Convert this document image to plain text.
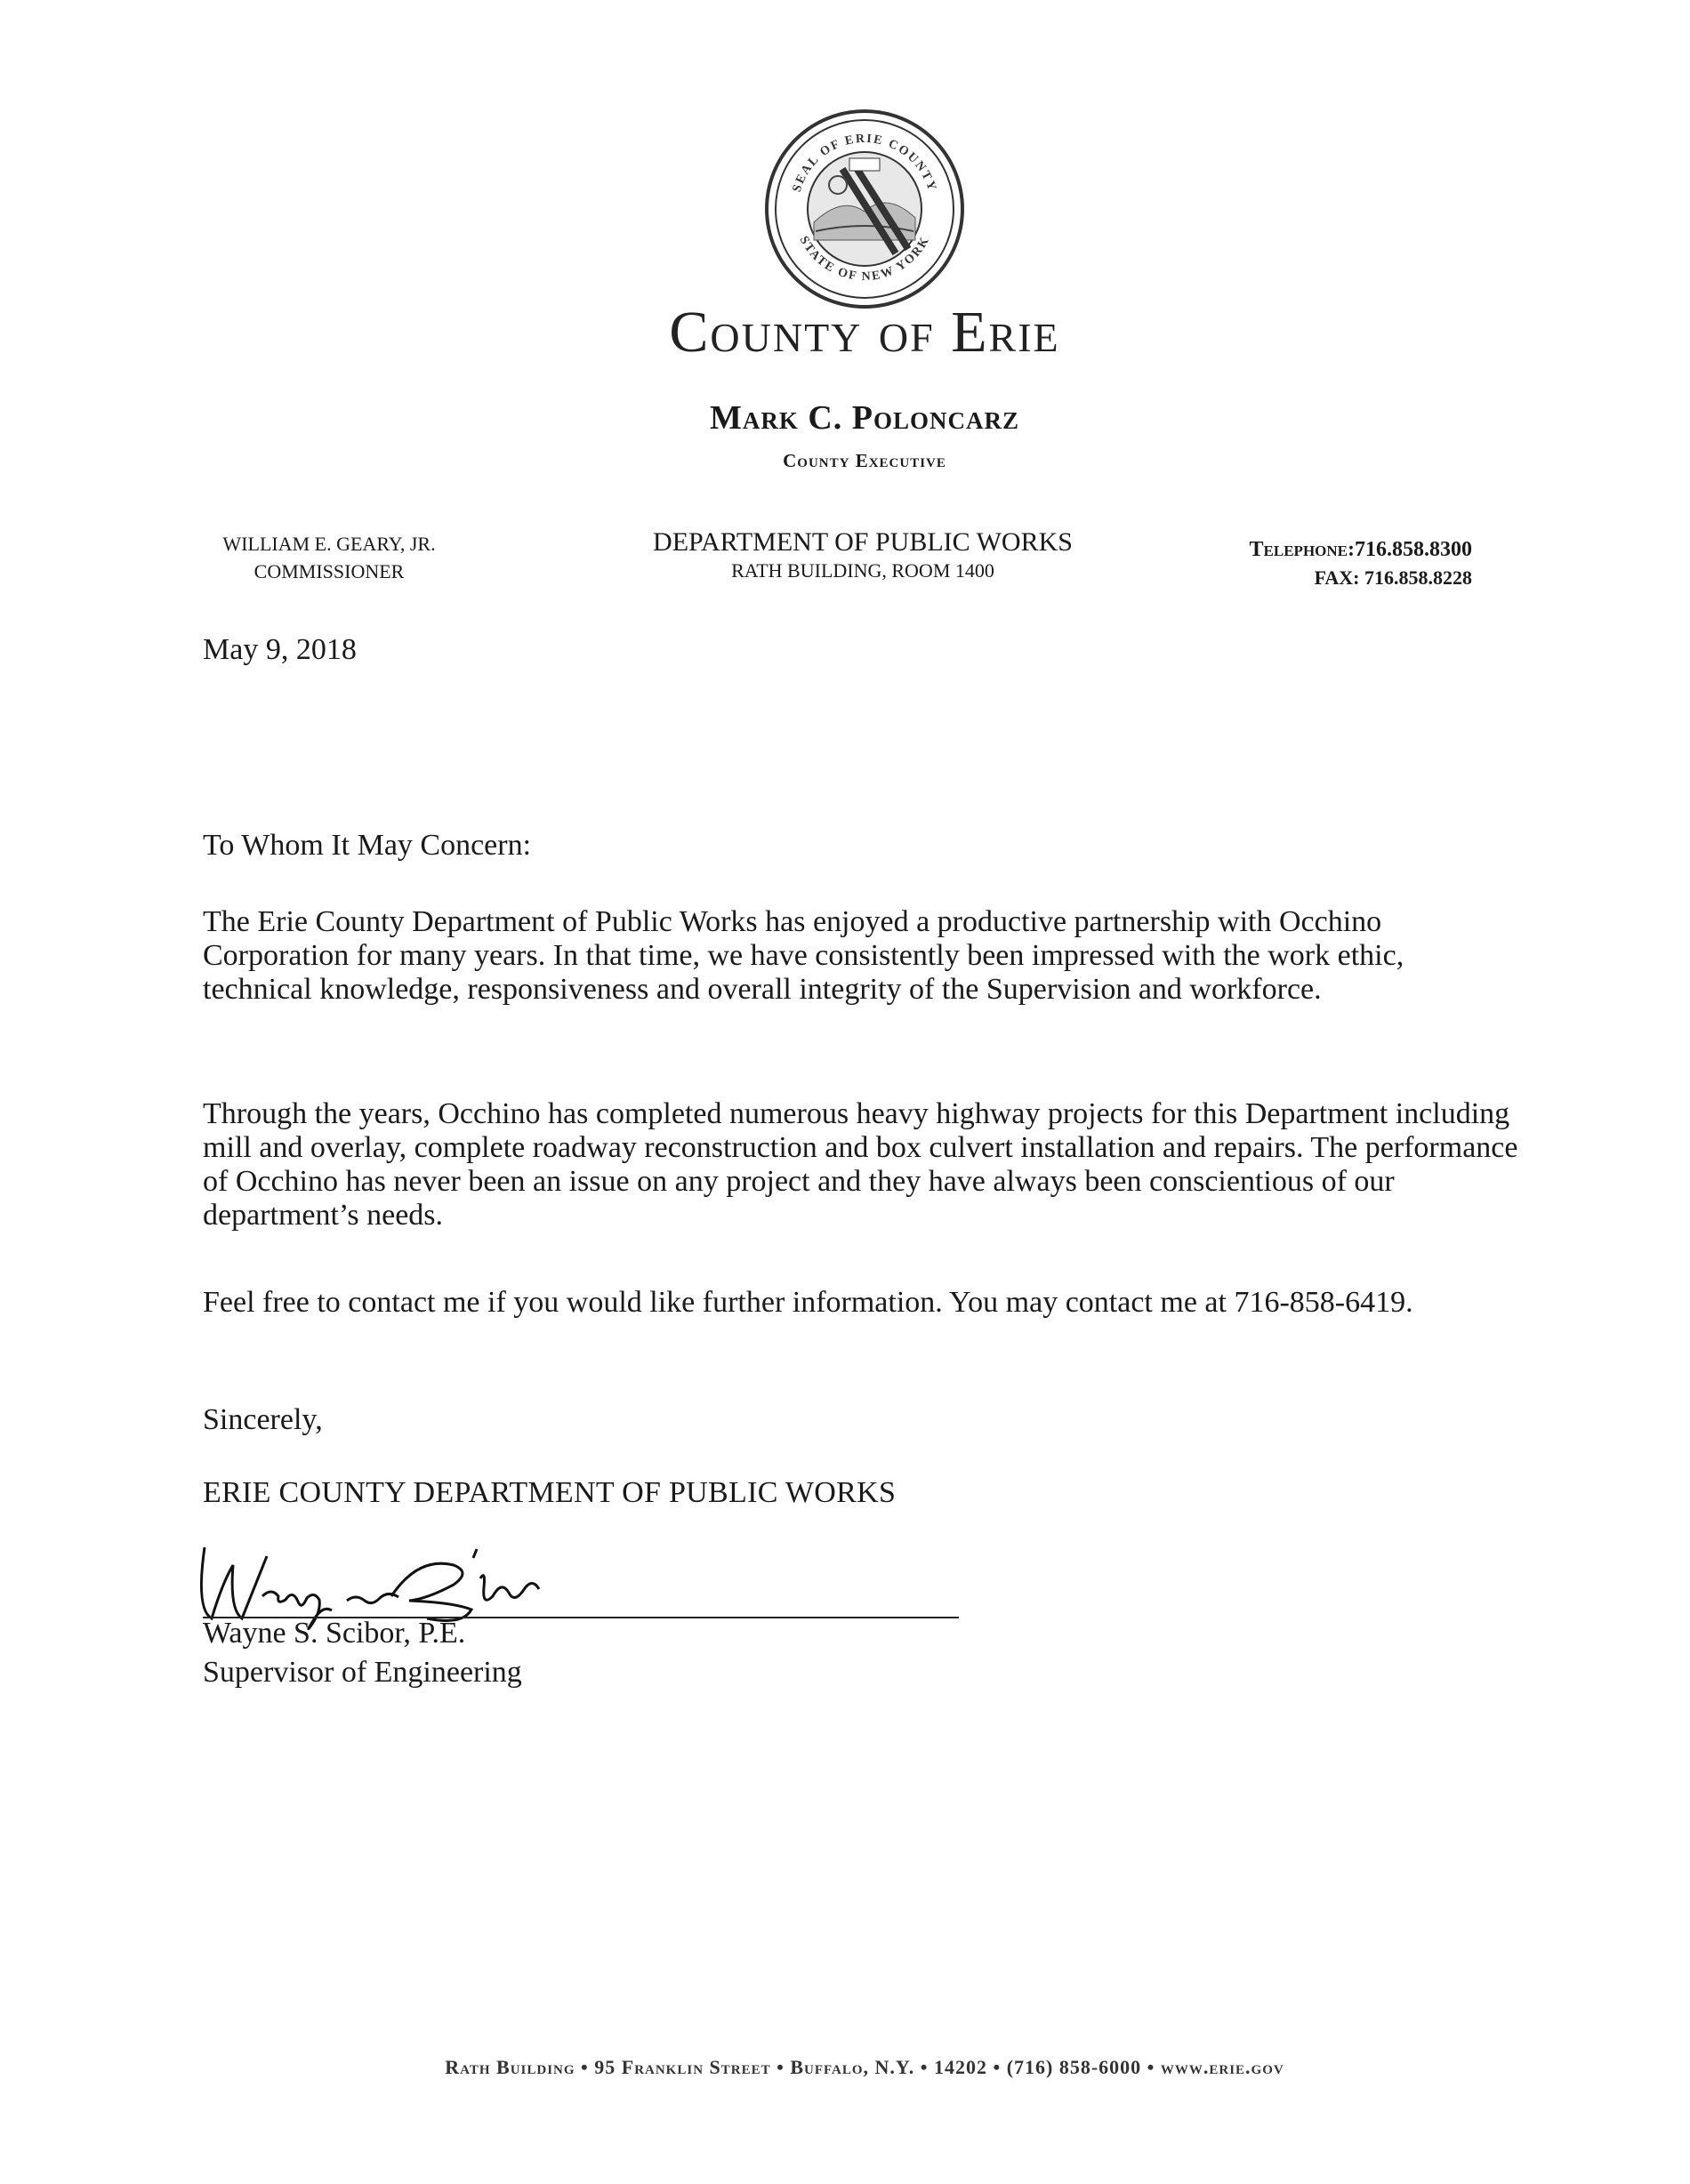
SEAL OF ERIE COUNTY
STATE OF NEW YORK
County of Erie
Mark C. Poloncarz
County Executive
WILLIAM E. GEARY, JR.
COMMISSIONER
DEPARTMENT OF PUBLIC WORKS
RATH BUILDING, ROOM 1400
Telephone:716.858.8300
FAX: 716.858.8228
May 9, 2018
To Whom It May Concern:
The Erie County Department of Public Works has enjoyed a productive partnership with Occhino Corporation for many years. In that time, we have consistently been impressed with the work ethic, technical knowledge, responsiveness and overall integrity of the Supervision and workforce.
Through the years, Occhino has completed numerous heavy highway projects for this Department including mill and overlay, complete roadway reconstruction and box culvert installation and repairs. The performance of Occhino has never been an issue on any project and they have always been conscientious of our department’s needs.
Feel free to contact me if you would like further information. You may contact me at 716-858-6419.
Sincerely,
ERIE COUNTY DEPARTMENT OF PUBLIC WORKS
Wayne S. Scibor, P.E.
Supervisor of Engineering
Rath Building • 95 Franklin Street • Buffalo, N.Y. • 14202 • (716) 858-6000 • www.erie.gov
